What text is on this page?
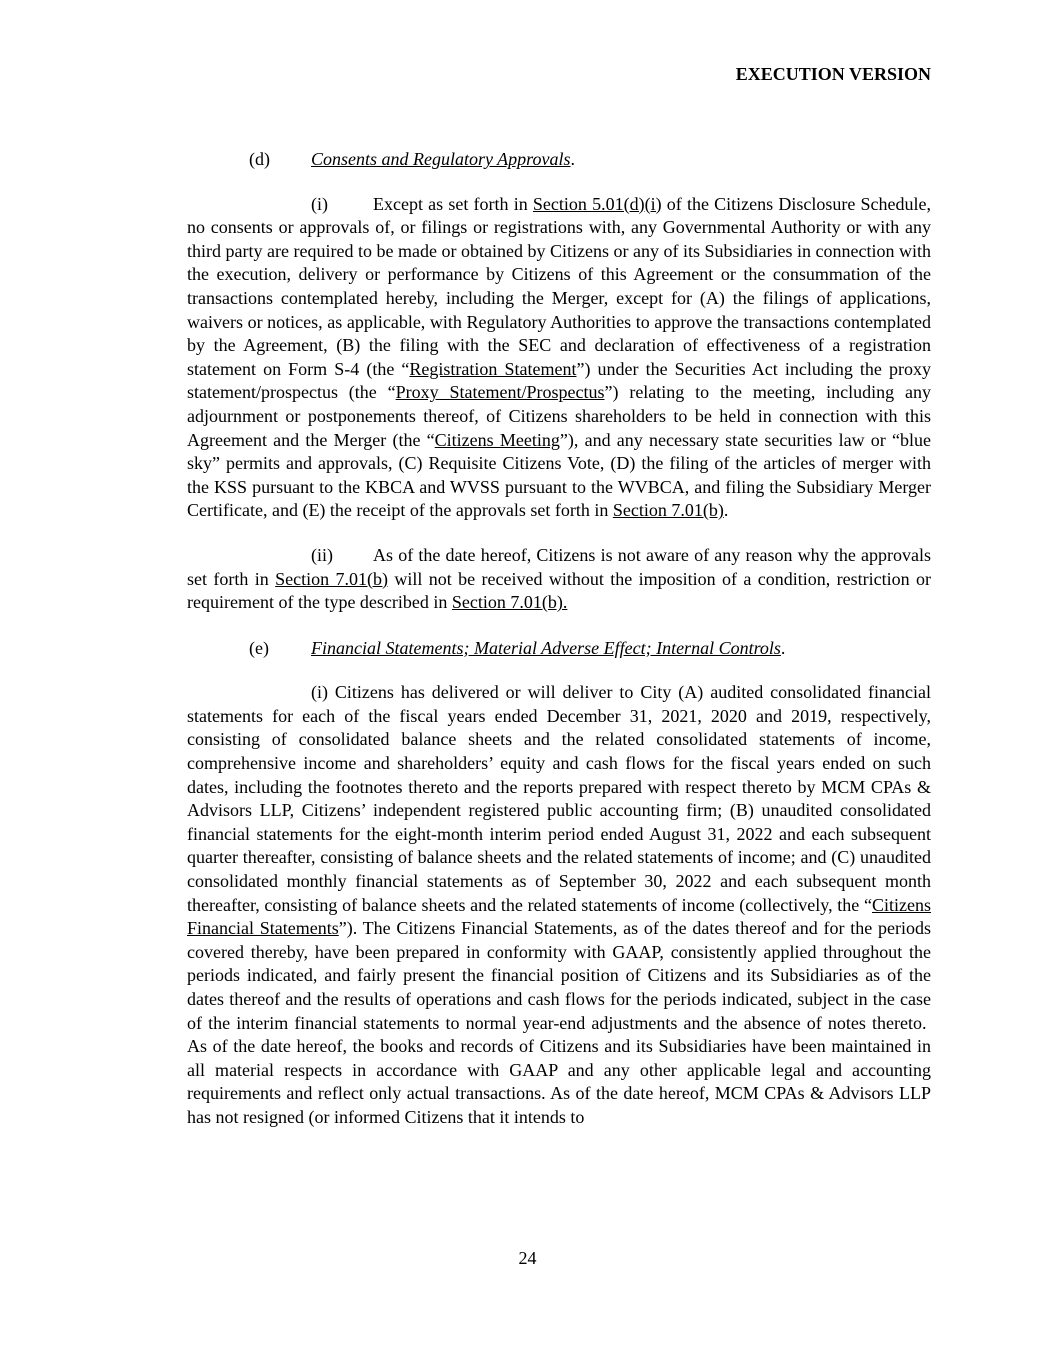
EXECUTION VERSION
(d) Consents and Regulatory Approvals.

(i)	Except as set forth in Section 5.01(d)(i) of the Citizens Disclosure Schedule, no consents or approvals of, or filings or registrations with, any Governmental Authority or with any third party are required to be made or obtained by Citizens or any of its Subsidiaries in connection with the execution, delivery or performance by Citizens of this Agreement or the consummation of the transactions contemplated hereby, including the Merger, except for (A) the filings of applications, waivers or notices, as applicable, with Regulatory Authorities to approve the transactions contemplated by the Agreement, (B) the filing with the SEC and declaration of effectiveness of a registration statement on Form S-4 (the “Registration Statement”) under the Securities Act including the proxy statement/prospectus (the “Proxy Statement/Prospectus”) relating to the meeting, including any adjournment or postponements thereof, of Citizens shareholders to be held in connection with this Agreement and the Merger (the “Citizens Meeting”), and any necessary state securities law or “blue sky” permits and approvals, (C) Requisite Citizens Vote, (D) the filing of the articles of merger with the KSS pursuant to the KBCA and WVSS pursuant to the WVBCA, and filing the Subsidiary Merger Certificate, and (E) the receipt of the approvals set forth in Section 7.01(b).

(ii) As of the date hereof, Citizens is not aware of any reason why the approvals set forth in Section 7.01(b) will not be received without the imposition of a condition, restriction or requirement of the type described in Section 7.01(b).

(e) Financial Statements; Material Adverse Effect; Internal Controls.

(i) Citizens has delivered or will deliver to City (A) audited consolidated financial statements for each of the fiscal years ended December 31, 2021, 2020 and 2019, respectively, consisting of consolidated balance sheets and the related consolidated statements of income, comprehensive income and shareholders’ equity and cash flows for the fiscal years ended on such dates, including the footnotes thereto and the reports prepared with respect thereto by MCM CPAs & Advisors LLP, Citizens’ independent registered public accounting firm; (B) unaudited consolidated financial statements for the eight-month interim period ended August 31, 2022 and each subsequent quarter thereafter, consisting of balance sheets and the related statements of income; and (C) unaudited consolidated monthly financial statements as of September 30, 2022 and each subsequent month thereafter, consisting of balance sheets and the related statements of income (collectively, the “Citizens Financial Statements”). The Citizens Financial Statements, as of the dates thereof and for the periods covered thereby, have been prepared in conformity with GAAP, consistently applied throughout the periods indicated, and fairly present the financial position of Citizens and its Subsidiaries as of the dates thereof and the results of operations and cash flows for the periods indicated, subject in the case of the interim financial statements to normal year-end adjustments and the absence of notes thereto.  As of the date hereof, the books and records of Citizens and its Subsidiaries have been maintained in all material respects in accordance with GAAP and any other applicable legal and accounting requirements and reflect only actual transactions. As of the date hereof, MCM CPAs & Advisors LLP has not resigned (or informed Citizens that it intends to

24
